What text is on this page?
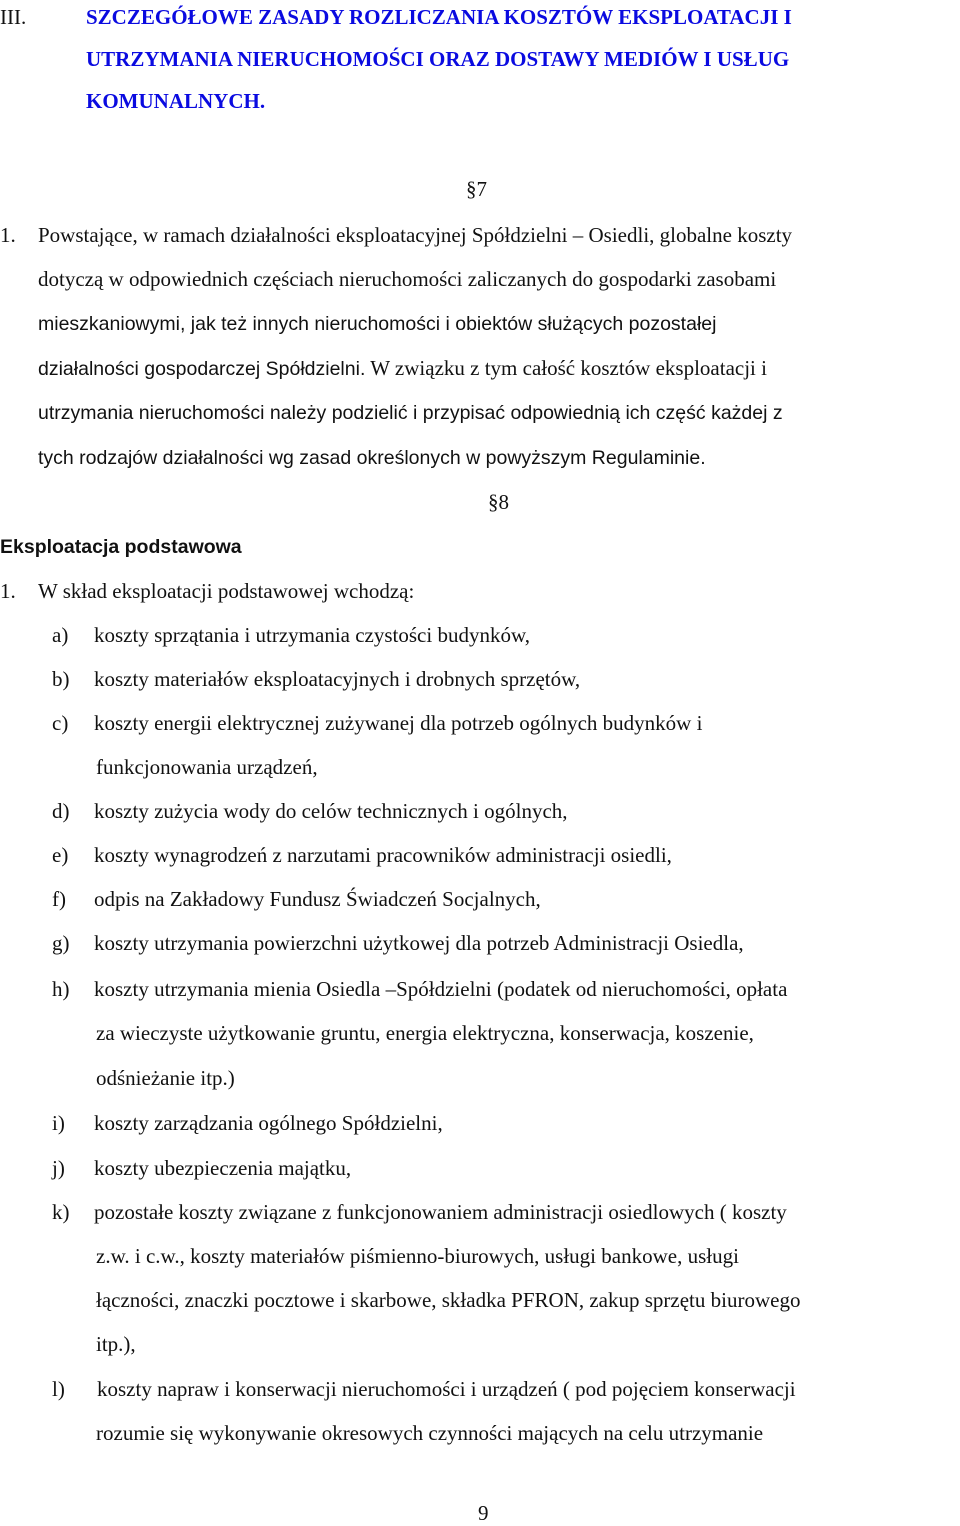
III.	SZCZEGÓŁOWE ZASADY ROZLICZANIA KOSZTÓW EKSPLOATACJI I
UTRZYMANIA NIERUCHOMOŚCI ORAZ DOSTAWY MEDIÓW I USŁUG
KOMUNALNYCH.
§7
1. Powstające, w ramach działalności eksploatacyjnej Spółdzielni – Osiedli, globalne koszty
dotyczą w odpowiednich częściach nieruchomości zaliczanych do gospodarki zasobami
mieszkaniowymi, jak też innych nieruchomości i obiektów służących pozostałej
działalności gospodarczej Spółdzielni. W związku z tym całość kosztów eksploatacji i
utrzymania nieruchomości należy podzielić i przypisać odpowiednią ich część każdej z
tych rodzajów działalności wg zasad określonych w powyższym Regulaminie.
§8
Eksploatacja podstawowa
1. W skład eksploatacji podstawowej wchodzą:
a) koszty sprzątania i utrzymania czystości budynków,
b) koszty materiałów eksploatacyjnych i drobnych sprzętów,
c) koszty energii elektrycznej zużywanej dla potrzeb ogólnych budynków i
funkcjonowania urządzeń,
d) koszty zużycia wody do celów technicznych i ogólnych,
e) koszty wynagrodzeń z narzutami pracowników administracji osiedli,
f) odpis na Zakładowy Fundusz Świadczeń Socjalnych,
g) koszty utrzymania powierzchni użytkowej dla potrzeb Administracji Osiedla,
h) koszty utrzymania mienia Osiedla –Spółdzielni (podatek od nieruchomości, opłata
za wieczyste użytkowanie gruntu, energia elektryczna, konserwacja, koszenie,
odśnieżanie itp.)
i) koszty zarządzania ogólnego Spółdzielni,
j) koszty ubezpieczenia majątku,
k) pozostałe koszty związane z funkcjonowaniem administracji osiedlowych ( koszty
z.w. i c.w., koszty materiałów piśmienno-biurowych, usługi bankowe, usługi
łączności, znaczki pocztowe i skarbowe, składka PFRON, zakup sprzętu biurowego
itp.),
l) koszty napraw i konserwacji nieruchomości i urządzeń ( pod pojęciem konserwacji
rozumie się wykonywanie okresowych czynności mających na celu utrzymanie
9
